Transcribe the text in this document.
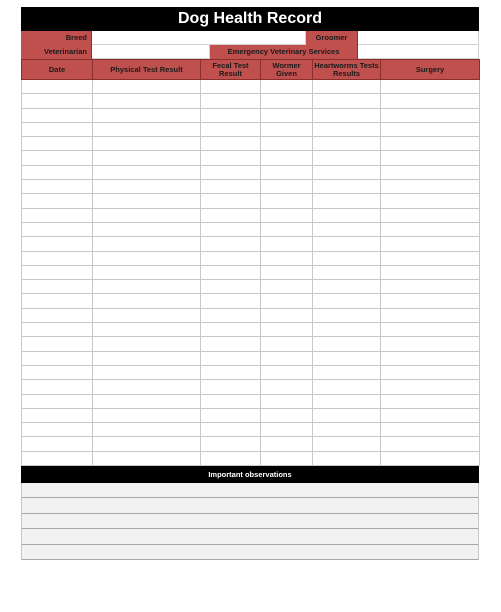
Dog Health Record
Breed	Groomer
Veterinarian	Emergency Veterinary Services
Date	Physical Test Result	Fecal Test Result	Wormer Given	Heartworms Tests Results	Surgery

Important observations
